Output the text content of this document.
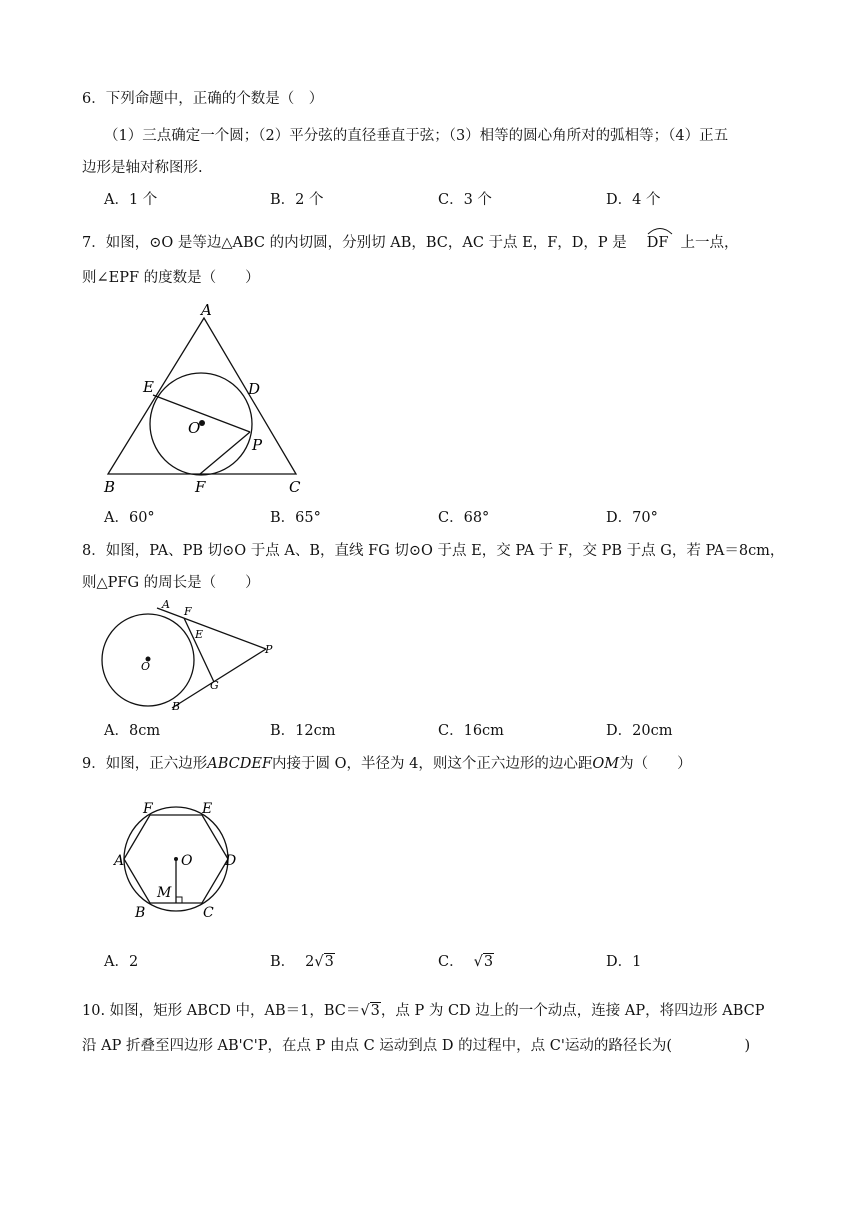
6．下列命题中，正确的个数是（　）
（1）三点确定一个圆；（2）平分弦的直径垂直于弦；（3）相等的圆心角所对的弧相等；（4）正五
边形是轴对称图形.
A．1 个	B．2 个	C．3 个	D．4 个
7．如图，⊙O 是等边△ABC 的内切圆，分别切 AB，BC，AC 于点 E，F，D，P 是 DF 上一点，
则∠EPF 的度数是（　　）
A
E	D
O
P
B	F	C
A．60°	B．65°	C．68°	D．70°
8．如图，PA、PB 切⊙O 于点 A、B，直线 FG 切⊙O 于点 E，交 PA 于 F，交 PB 于点 G，若 PA＝8cm，
则△PFG 的周长是（　　）
A
F
E
O
P
G
B
A．8cm	B．12cm	C．16cm	D．20cm
9．如图，正六边形ABCDEF内接于圆 O，半径为 4，则这个正六边形的边心距OM为（　　）
F	E
A	O D
M
B	C
A．2	B． 2√3	C． √3	D．1
10. 如图，矩形 ABCD 中，AB＝1，BC＝√3，点 P 为 CD 边上的一个动点，连接 AP，将四边形 ABCP
沿 AP 折叠至四边形 AB'C'P，在点 P 由点 C 运动到点 D 的过程中，点 C'运动的路径长为(　　　　　)
